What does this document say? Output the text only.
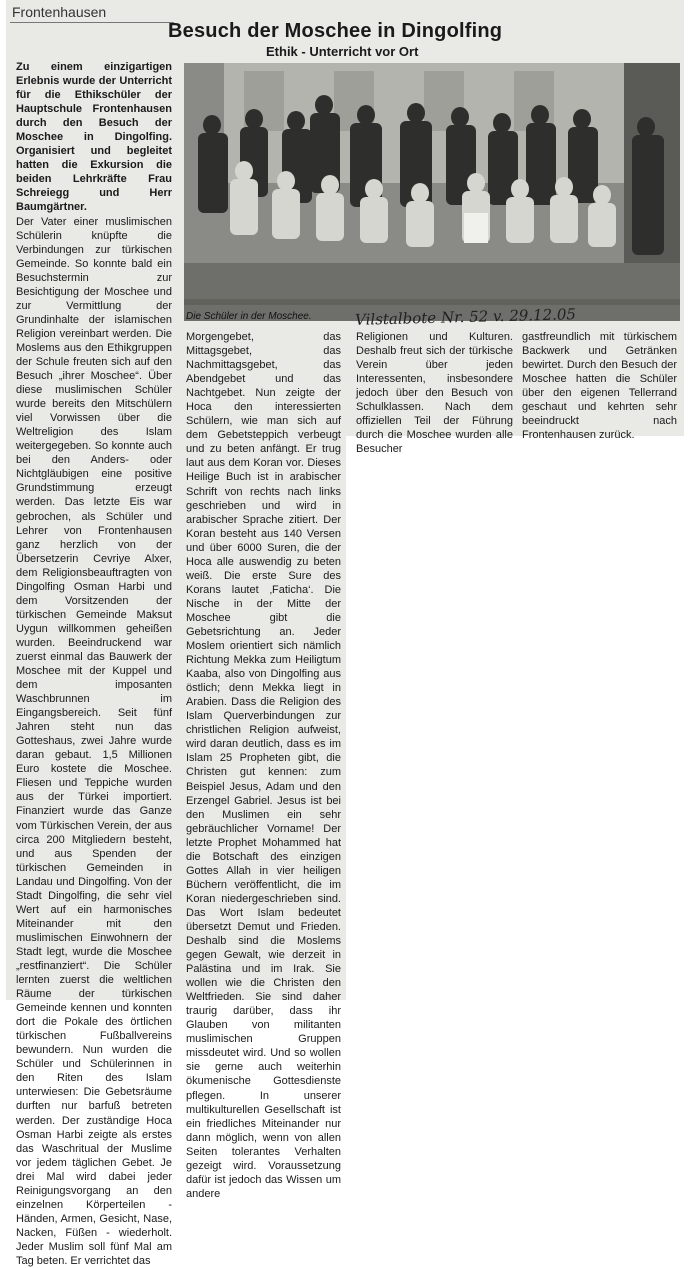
Frontenhausen
Besuch der Moschee in Dingolfing
Ethik - Unterricht vor Ort
Die Schüler in der Moschee.	Vilstalbote Nr. 52 v. 29.12.05

Zu einem einzigartigen Erlebnis wurde der Unterricht für die Ethikschüler der Hauptschule Frontenhausen durch den Besuch der Moschee in Dingolfing. Organisiert und begleitet hatten die Exkursion die beiden Lehrkräfte Frau Schreiegg und Herr Baumgärtner.

Der Vater einer muslimischen Schülerin knüpfte die Verbindungen zur türkischen Gemeinde. So konnte bald ein Besuchstermin zur Besichtigung der Moschee und zur Vermittlung der Grundinhalte der islamischen Religion vereinbart werden. Die Moslems aus den Ethikgruppen der Schule freuten sich auf den Besuch „ihrer Moschee“. Über diese muslimischen Schüler wurde bereits den Mitschülern viel Vorwissen über die Weltreligion des Islam weitergegeben. So konnte auch bei den Anders- oder Nichtgläubigen eine positive Grundstimmung erzeugt werden. Das letzte Eis war gebrochen, als Schüler und Lehrer von Frontenhausen ganz herzlich von der Übersetzerin Cevriye Alxer, dem Religionsbeauftragten von Dingolfing Osman Harbi und dem Vorsitzenden der türkischen Gemeinde Maksut Uygun willkommen geheißen wurden. Beeindruckend war zuerst einmal das Bauwerk der Moschee mit der Kuppel und dem imposanten Waschbrunnen im Eingangsbereich. Seit fünf Jahren steht nun das Gotteshaus, zwei Jahre wurde daran gebaut. 1,5 Millionen Euro kostete die Moschee. Fliesen und Teppiche wurden aus der Türkei importiert. Finanziert wurde das Ganze vom Türkischen Verein, der aus circa 200 Mitgliedern besteht, und aus Spenden der türkischen Gemeinden in Landau und Dingolfing. Von der Stadt Dingolfing, die sehr viel Wert auf ein harmonisches Miteinander mit den muslimischen Einwohnern der Stadt legt, wurde die Moschee „restfinanziert“. Die Schüler lernten zuerst die weltlichen Räume der türkischen Gemeinde kennen und konnten dort die Pokale des örtlichen türkischen Fußballvereins bewundern. Nun wurden die Schüler und Schülerinnen in den Riten des Islam unterwiesen: Die Gebetsräume durften nur barfuß betreten werden. Der zuständige Hoca Osman Harbi zeigte als erstes das Waschritual der Muslime vor jedem täglichen Gebet. Je drei Mal wird dabei jeder Reinigungsvorgang an den einzelnen Körperteilen - Händen, Armen, Gesicht, Nase, Nacken, Füßen - wiederholt. Jeder Muslim soll fünf Mal am Tag beten. Er verrichtet das

Morgengebet, das Mittagsgebet, das Nachmittagsgebet, das Abendgebet und das Nachtgebet. Nun zeigte der Hoca den interessierten Schülern, wie man sich auf dem Gebetsteppich verbeugt und zu beten anfängt. Er trug laut aus dem Koran vor. Dieses Heilige Buch ist in arabischer Schrift von rechts nach links geschrieben und wird in arabischer Sprache zitiert. Der Koran besteht aus 140 Versen und über 6000 Suren, die der Hoca alle auswendig zu beten weiß. Die erste Sure des Korans lautet ‚Faticha‘. Die Nische in der Mitte der Moschee gibt die Gebetsrichtung an. Jeder Moslem orientiert sich nämlich Richtung Mekka zum Heiligtum Kaaba, also von Dingolfing aus östlich; denn Mekka liegt in Arabien. Dass die Religion des Islam Querverbindungen zur christlichen Religion aufweist, wird daran deutlich, dass es im Islam 25 Propheten gibt, die Christen gut kennen: zum Beispiel Jesus, Adam und den Erzengel Gabriel. Jesus ist bei den Muslimen ein sehr gebräuchlicher Vorname! Der letzte Prophet Mohammed hat die Botschaft des einzigen Gottes Allah in vier heiligen Büchern veröffentlicht, die im Koran niedergeschrieben sind. Das Wort Islam bedeutet übersetzt Demut und Frieden. Deshalb sind die Moslems gegen Gewalt, wie derzeit in Palästina und im Irak. Sie wollen wie die Christen den Weltfrieden. Sie sind daher traurig darüber, dass ihr Glauben von militanten muslimischen Gruppen missdeutet wird. Und so wollen sie gerne auch weiterhin ökumenische Gottesdienste pflegen. In unserer multikulturellen Gesellschaft ist ein friedliches Miteinander nur dann möglich, wenn von allen Seiten tolerantes Verhalten gezeigt wird. Voraussetzung dafür ist jedoch das Wissen um andere

Religionen und Kulturen. Deshalb freut sich der türkische Verein über jeden Interessenten, insbesondere jedoch über den Besuch von Schulklassen. Nach dem offiziellen Teil der Führung durch die Moschee wurden alle Besucher

gastfreundlich mit türkischem Backwerk und Getränken bewirtet. Durch den Besuch der Moschee hatten die Schüler über den eigenen Tellerrand geschaut und kehrten sehr beeindruckt nach Frontenhausen zurück.
